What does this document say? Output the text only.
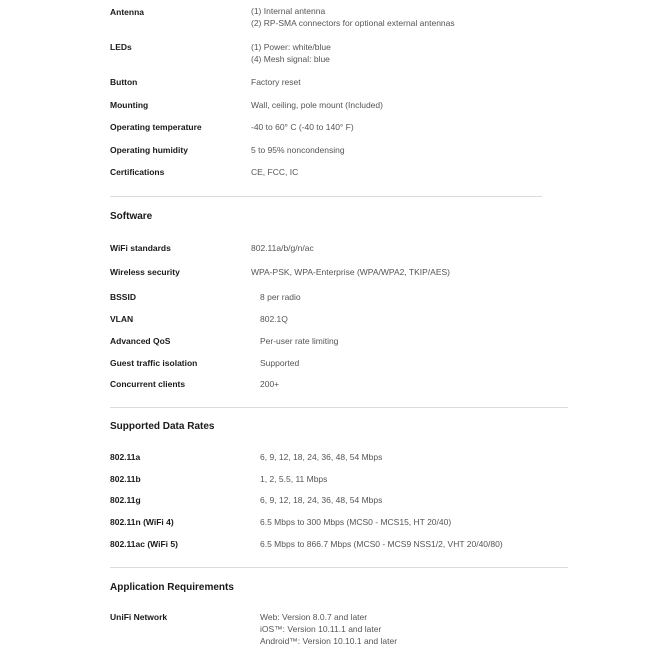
Antenna	(1) Internal antenna
(2) RP-SMA connectors for optional external antennas
LEDs	(1) Power: white/blue
(4) Mesh signal: blue
Button	Factory reset
Mounting	Wall, ceiling, pole mount (Included)
Operating temperature	-40 to 60° C (-40 to 140° F)
Operating humidity	5 to 95% noncondensing
Certifications	CE, FCC, IC
Software
WiFi standards	802.11a/b/g/n/ac
Wireless security	WPA-PSK, WPA-Enterprise (WPA/WPA2, TKIP/AES)
BSSID	8 per radio
VLAN	802.1Q
Advanced QoS	Per-user rate limiting
Guest traffic isolation	Supported
Concurrent clients	200+
Supported Data Rates
802.11a	6, 9, 12, 18, 24, 36, 48, 54 Mbps
802.11b	1, 2, 5.5, 11 Mbps
802.11g	6, 9, 12, 18, 24, 36, 48, 54 Mbps
802.11n (WiFi 4)	6.5 Mbps to 300 Mbps (MCS0 - MCS15, HT 20/40)
802.11ac (WiFi 5)	6.5 Mbps to 866.7 Mbps (MCS0 - MCS9 NSS1/2, VHT 20/40/80)
Application Requirements
UniFi Network	Web: Version 8.0.7 and later
iOS™: Version 10.11.1 and later
Android™: Version 10.10.1 and later
